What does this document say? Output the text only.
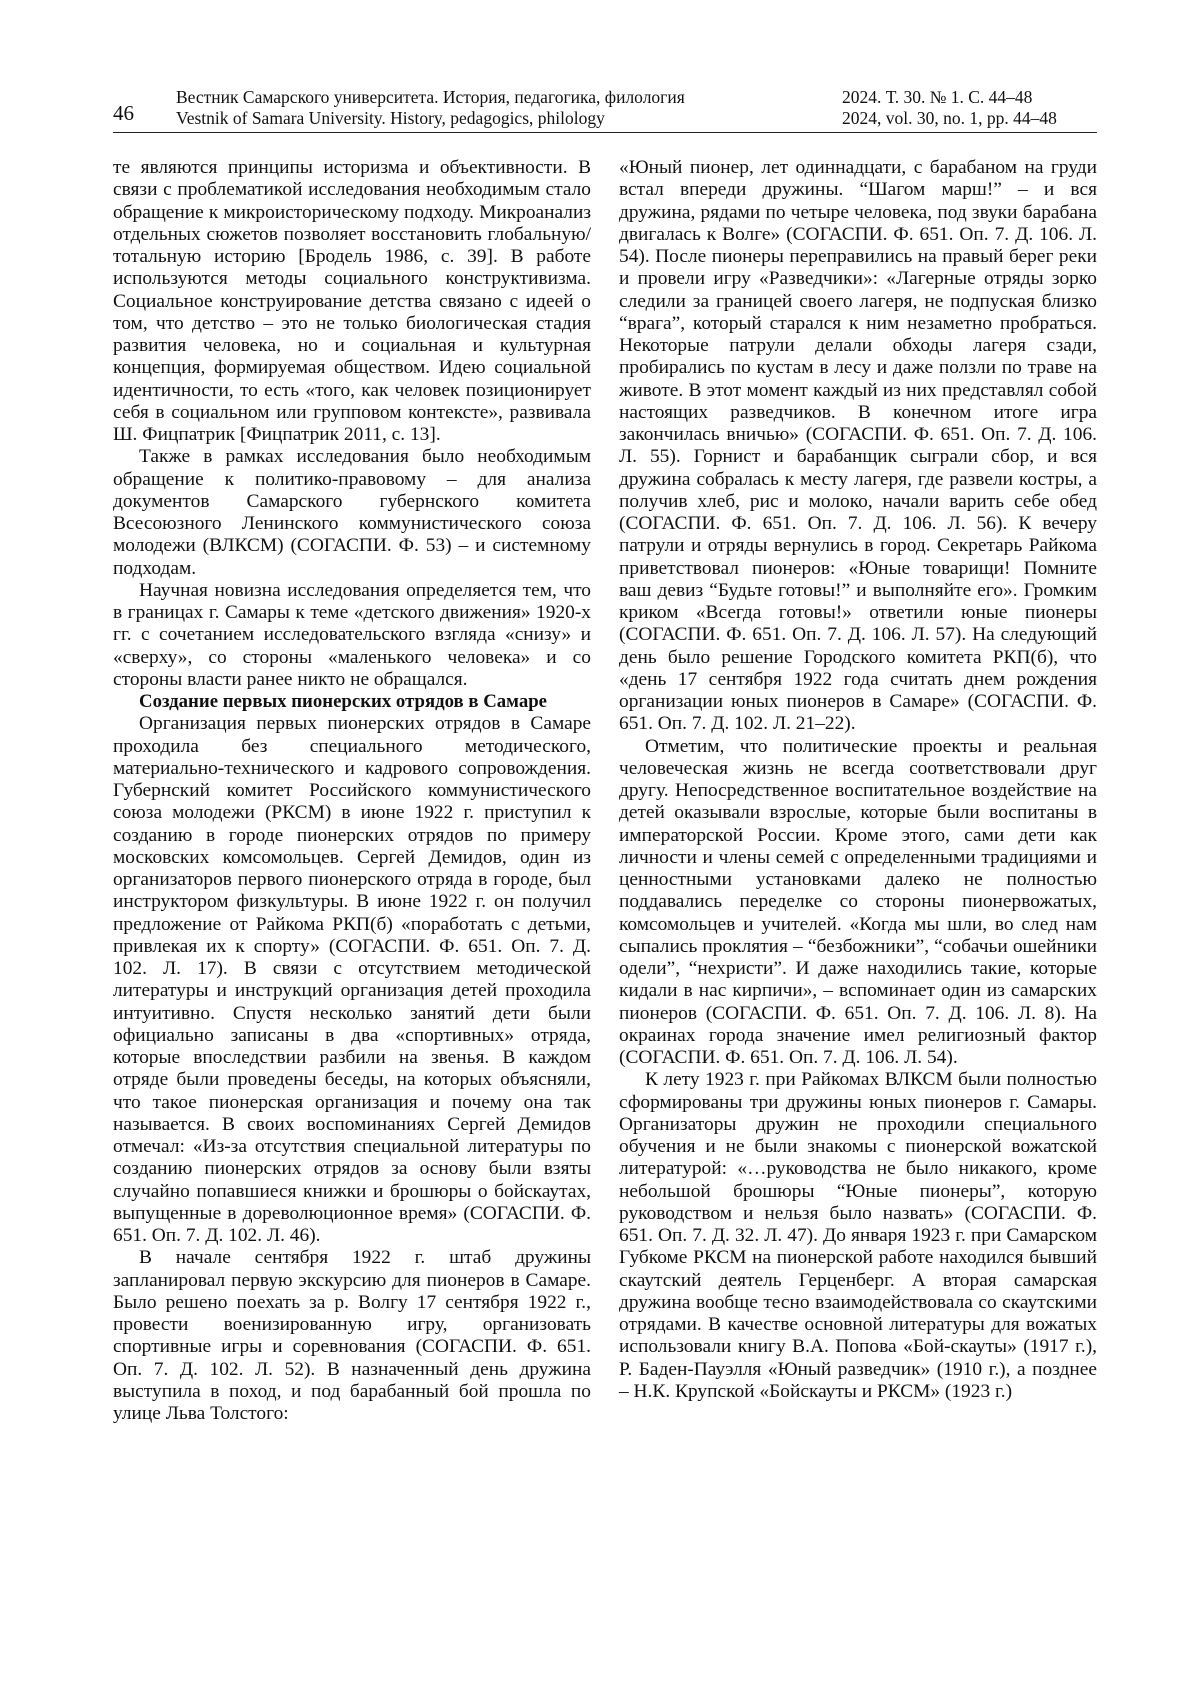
46
Вестник Самарского университета. История, педагогика, филология
Vestnik of Samara University. History, pedagogics, philology
2024. Т. 30. № 1. С. 44–48
2024, vol. 30, no. 1, pp. 44–48

те являются принципы историзма и объективности. В связи с проблематикой исследования необходимым стало обращение к микроисторическому подходу. Микроанализ отдельных сюжетов позволяет восстановить глобальную/тотальную историю [Бродель 1986, с. 39]. В работе используются методы социального конструктивизма. Социальное конструирование детства связано с идеей о том, что детство – это не только биологическая стадия развития человека, но и социальная и культурная концепция, формируемая обществом. Идею социальной идентичности, то есть «того, как человек позиционирует себя в социальном или групповом контексте», развивала Ш. Фицпатрик [Фицпатрик 2011, с. 13].

Также в рамках исследования было необходимым обращение к политико-правовому – для анализа документов Самарского губернского комитета Всесоюзного Ленинского коммунистического союза молодежи (ВЛКСМ) (СОГАСПИ. Ф. 53) – и системному подходам.

Научная новизна исследования определяется тем, что в границах г. Самары к теме «детского движения» 1920-х гг. с сочетанием исследовательского взгляда «снизу» и «сверху», со стороны «маленького человека» и со стороны власти ранее никто не обращался.

Создание первых пионерских отрядов в Самаре

Организация первых пионерских отрядов в Самаре проходила без специального методического, материально-технического и кадрового сопровождения. Губернский комитет Российского коммунистического союза молодежи (РКСМ) в июне 1922 г. приступил к созданию в городе пионерских отрядов по примеру московских комсомольцев. Сергей Демидов, один из организаторов первого пионерского отряда в городе, был инструктором физкультуры. В июне 1922 г. он получил предложение от Райкома РКП(б) «поработать с детьми, привлекая их к спорту» (СОГАСПИ. Ф. 651. Оп. 7. Д. 102. Л. 17). В связи с отсутствием методической литературы и инструкций организация детей проходила интуитивно. Спустя несколько занятий дети были официально записаны в два «спортивных» отряда, которые впоследствии разбили на звенья. В каждом отряде были проведены беседы, на которых объясняли, что такое пионерская организация и почему она так называется. В своих воспоминаниях Сергей Демидов отмечал: «Из-за отсутствия специальной литературы по созданию пионерских отрядов за основу были взяты случайно попавшиеся книжки и брошюры о бойскаутах, выпущенные в дореволюционное время» (СОГАСПИ. Ф. 651. Оп. 7. Д. 102. Л. 46).

В начале сентября 1922 г. штаб дружины запланировал первую экскурсию для пионеров в Самаре. Было решено поехать за р. Волгу 17 сентября 1922 г., провести военизированную игру, организовать спортивные игры и соревнования (СОГАСПИ. Ф. 651. Оп. 7. Д. 102. Л. 52). В назначенный день дружина выступила в поход, и под барабанный бой прошла по улице Льва Толстого:

«Юный пионер, лет одиннадцати, с барабаном на груди встал впереди дружины. “Шагом марш!” – и вся дружина, рядами по четыре человека, под звуки барабана двигалась к Волге» (СОГАСПИ. Ф. 651. Оп. 7. Д. 106. Л. 54). После пионеры переправились на правый берег реки и провели игру «Разведчики»: «Лагерные отряды зорко следили за границей своего лагеря, не подпуская близко “врага”, который старался к ним незаметно пробраться. Некоторые патрули делали обходы лагеря сзади, пробирались по кустам в лесу и даже ползли по траве на животе. В этот момент каждый из них представлял собой настоящих разведчиков. В конечном итоге игра закончилась вничью» (СОГАСПИ. Ф. 651. Оп. 7. Д. 106. Л. 55). Горнист и барабанщик сыграли сбор, и вся дружина собралась к месту лагеря, где развели костры, а получив хлеб, рис и молоко, начали варить себе обед (СОГАСПИ. Ф. 651. Оп. 7. Д. 106. Л. 56). К вечеру патрули и отряды вернулись в город. Секретарь Райкома приветствовал пионеров: «Юные товарищи! Помните ваш девиз “Будьте готовы!” и выполняйте его». Громким криком «Всегда готовы!» ответили юные пионеры (СОГАСПИ. Ф. 651. Оп. 7. Д. 106. Л. 57). На следующий день было решение Городского комитета РКП(б), что «день 17 сентября 1922 года считать днем рождения организации юных пионеров в Самаре» (СОГАСПИ. Ф. 651. Оп. 7. Д. 102. Л. 21–22).

Отметим, что политические проекты и реальная человеческая жизнь не всегда соответствовали друг другу. Непосредственное воспитательное воздействие на детей оказывали взрослые, которые были воспитаны в императорской России. Кроме этого, сами дети как личности и члены семей с определенными традициями и ценностными установками далеко не полностью поддавались переделке со стороны пионервожатых, комсомольцев и учителей. «Когда мы шли, во след нам сыпались проклятия – “безбожники”, “собачьи ошейники одели”, “нехристи”. И даже находились такие, которые кидали в нас кирпичи», – вспоминает один из самарских пионеров (СОГАСПИ. Ф. 651. Оп. 7. Д. 106. Л. 8). На окраинах города значение имел религиозный фактор (СОГАСПИ. Ф. 651. Оп. 7. Д. 106. Л. 54).

К лету 1923 г. при Райкомах ВЛКСМ были полностью сформированы три дружины юных пионеров г. Самары. Организаторы дружин не проходили специального обучения и не были знакомы с пионерской вожатской литературой: «…руководства не было никакого, кроме небольшой брошюры “Юные пионеры”, которую руководством и нельзя было назвать» (СОГАСПИ. Ф. 651. Оп. 7. Д. 32. Л. 47). До января 1923 г. при Самарском Губкоме РКСМ на пионерской работе находился бывший скаутский деятель Герценберг. А вторая самарская дружина вообще тесно взаимодействовала со скаутскими отрядами. В качестве основной литературы для вожатых использовали книгу В.А. Попова «Бой-скауты» (1917 г.), Р. Баден-Пауэлля «Юный разведчик» (1910 г.), а позднее – Н.К. Крупской «Бойскауты и РКСМ» (1923 г.)
